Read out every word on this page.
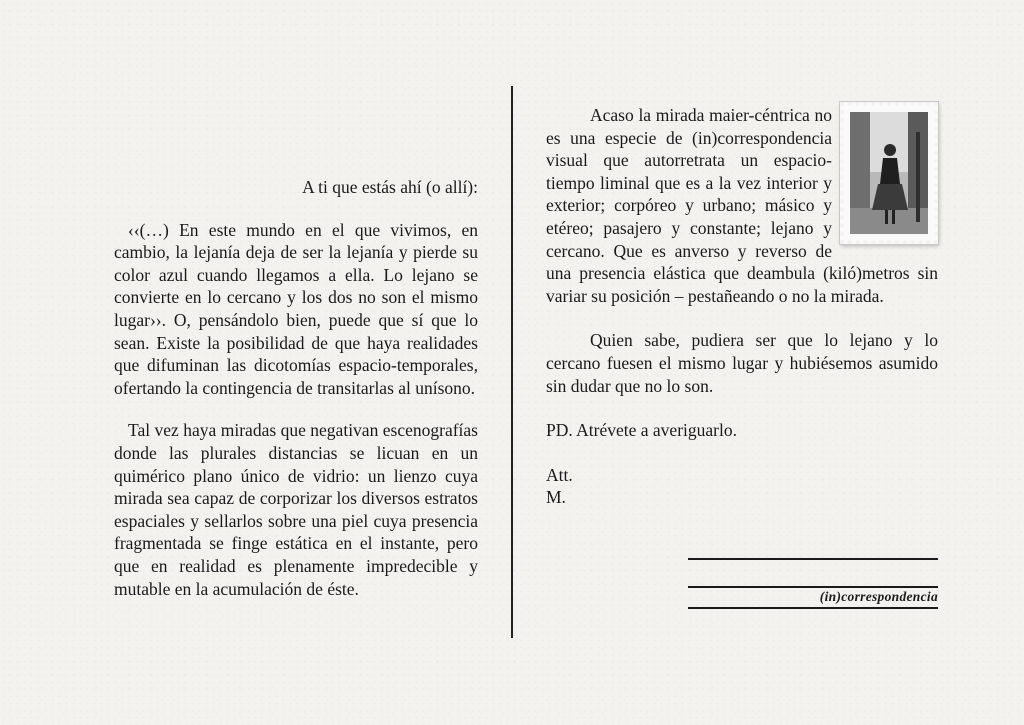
A ti que estás ahí (o allí):

‹‹(…) En este mundo en el que vivimos, en cambio, la lejanía deja de ser la lejanía y pierde su color azul cuando llegamos a ella. Lo lejano se convierte en lo cercano y los dos no son el mismo lugar››. O, pensándolo bien, puede que sí que lo sean. Existe la posibilidad de que haya realidades que difuminan las dicotomías espacio-temporales, ofertando la contingencia de transitarlas al unísono.

Tal vez haya miradas que negativan escenografías donde las plurales distancias se licuan en un quimérico plano único de vidrio: un lienzo cuya mirada sea capaz de corporizar los diversos estratos espaciales y sellarlos sobre una piel cuya presencia fragmentada se finge estática en el instante, pero que en realidad es plenamente impredecible y mutable en la acumulación de éste.

Acaso la mirada maier-céntrica no es una especie de (in)correspondencia visual que autorretrata un espacio-tiempo liminal que es a la vez interior y exterior; corpóreo y urbano; másico y etéreo; pasajero y constante; lejano y cercano. Que es anverso y reverso de una presencia elástica que deambula (kiló)metros sin variar su posición – pestañeando o no la mirada.

Quien sabe, pudiera ser que lo lejano y lo cercano fuesen el mismo lugar y hubiésemos asumido sin dudar que no lo son.

PD. Atrévete a averiguarlo.

Att.

M.

(in)correspondencia
